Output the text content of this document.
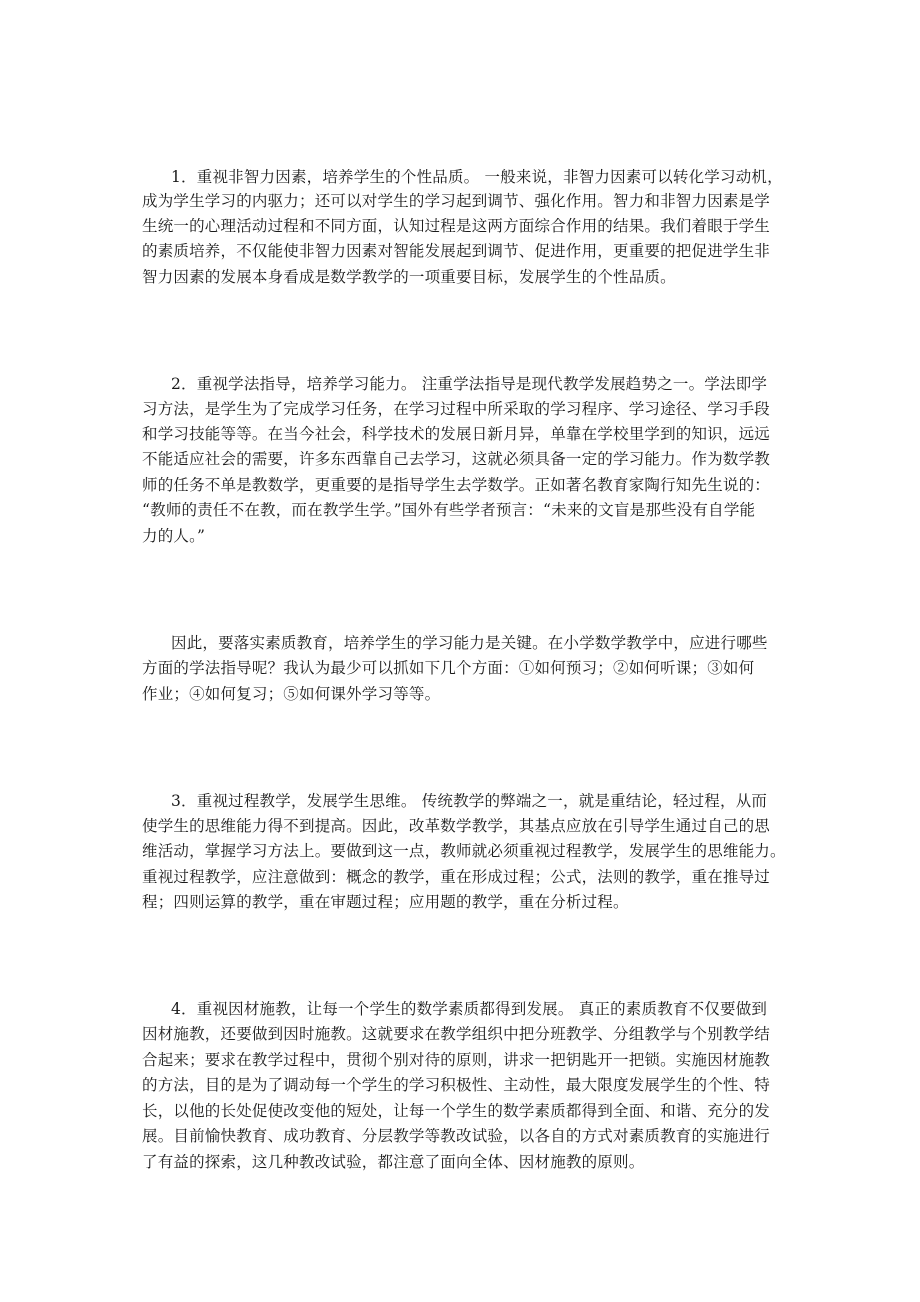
1．重视非智力因素，培养学生的个性品质。 一般来说，非智力因素可以转化学习动机，
成为学生学习的内驱力；还可以对学生的学习起到调节、强化作用。智力和非智力因素是学
生统一的心理活动过程和不同方面，认知过程是这两方面综合作用的结果。我们着眼于学生
的素质培养，不仅能使非智力因素对智能发展起到调节、促进作用，更重要的把促进学生非
智力因素的发展本身看成是数学教学的一项重要目标，发展学生的个性品质。
2．重视学法指导，培养学习能力。 注重学法指导是现代教学发展趋势之一。学法即学
习方法，是学生为了完成学习任务，在学习过程中所采取的学习程序、学习途径、学习手段
和学习技能等等。在当今社会，科学技术的发展日新月异，单靠在学校里学到的知识，远远
不能适应社会的需要，许多东西靠自己去学习，这就必须具备一定的学习能力。作为数学教
师的任务不单是教数学，更重要的是指导学生去学数学。正如著名教育家陶行知先生说的：
“教师的责任不在教，而在教学生学。”国外有些学者预言：“未来的文盲是那些没有自学能
力的人。”
因此，要落实素质教育，培养学生的学习能力是关键。在小学数学教学中，应进行哪些
方面的学法指导呢？我认为最少可以抓如下几个方面：①如何预习；②如何听课；③如何
作业；④如何复习；⑤如何课外学习等等。
3．重视过程教学，发展学生思维。 传统教学的弊端之一，就是重结论，轻过程，从而
使学生的思维能力得不到提高。因此，改革数学教学，其基点应放在引导学生通过自己的思
维活动，掌握学习方法上。要做到这一点，教师就必须重视过程教学，发展学生的思维能力。
重视过程教学，应注意做到：概念的教学，重在形成过程；公式，法则的教学，重在推导过
程；四则运算的教学，重在审题过程；应用题的教学，重在分析过程。
4．重视因材施教，让每一个学生的数学素质都得到发展。 真正的素质教育不仅要做到
因材施教，还要做到因时施教。这就要求在教学组织中把分班教学、分组教学与个别教学结
合起来；要求在教学过程中，贯彻个别对待的原则，讲求一把钥匙开一把锁。实施因材施教
的方法，目的是为了调动每一个学生的学习积极性、主动性，最大限度发展学生的个性、特
长，以他的长处促使改变他的短处，让每一个学生的数学素质都得到全面、和谐、充分的发
展。目前愉快教育、成功教育、分层教学等教改试验，以各自的方式对素质教育的实施进行
了有益的探索，这几种教改试验，都注意了面向全体、因材施教的原则。
